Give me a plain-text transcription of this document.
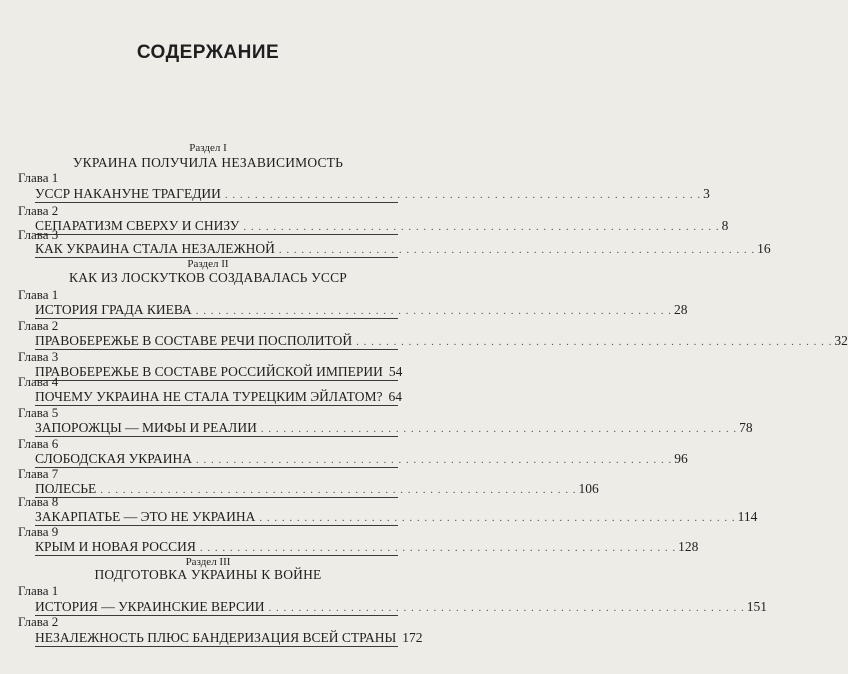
СОДЕРЖАНИЕ
Раздел I
УКРАИНА ПОЛУЧИЛА НЕЗАВИСИМОСТЬ
Глава 1
УССР НАКАНУНЕ ТРАГЕДИИ . . .	3
Глава 2
СЕПАРАТИЗМ СВЕРХУ И СНИЗУ . . .	8
Глава 3
КАК УКРАИНА СТАЛА НЕЗАЛЕЖНОЙ . . .	16
Раздел II
КАК ИЗ ЛОСКУТКОВ СОЗДАВАЛАСЬ УССР
Глава 1
ИСТОРИЯ ГРАДА КИЕВА . . .	28
Глава 2
ПРАВОБЕРЕЖЬЕ В СОСТАВЕ РЕЧИ ПОСПОЛИТОЙ . . .	32
Глава 3
ПРАВОБЕРЕЖЬЕ В СОСТАВЕ РОССИЙСКОЙ ИМПЕРИИ 54
Глава 4
ПОЧЕМУ УКРАИНА НЕ СТАЛА ТУРЕЦКИМ ЭЙЛАТОМ? 64
Глава 5
ЗАПОРОЖЦЫ — МИФЫ И РЕАЛИИ . . .	78
Глава 6
СЛОБОДСКАЯ УКРАИНА . . .	96
Глава 7
ПОЛЕСЬЕ . . .	106
Глава 8
ЗАКАРПАТЬЕ — ЭТО НЕ УКРАИНА . . .	114
Глава 9
КРЫМ И НОВАЯ РОССИЯ . . .	128
Раздел III
ПОДГОТОВКА УКРАИНЫ К ВОЙНЕ
Глава 1
ИСТОРИЯ — УКРАИНСКИЕ ВЕРСИИ . . .	151
Глава 2
НЕЗАЛЕЖНОСТЬ ПЛЮС БАНДЕРИЗАЦИЯ ВСЕЙ СТРАНЫ 172
